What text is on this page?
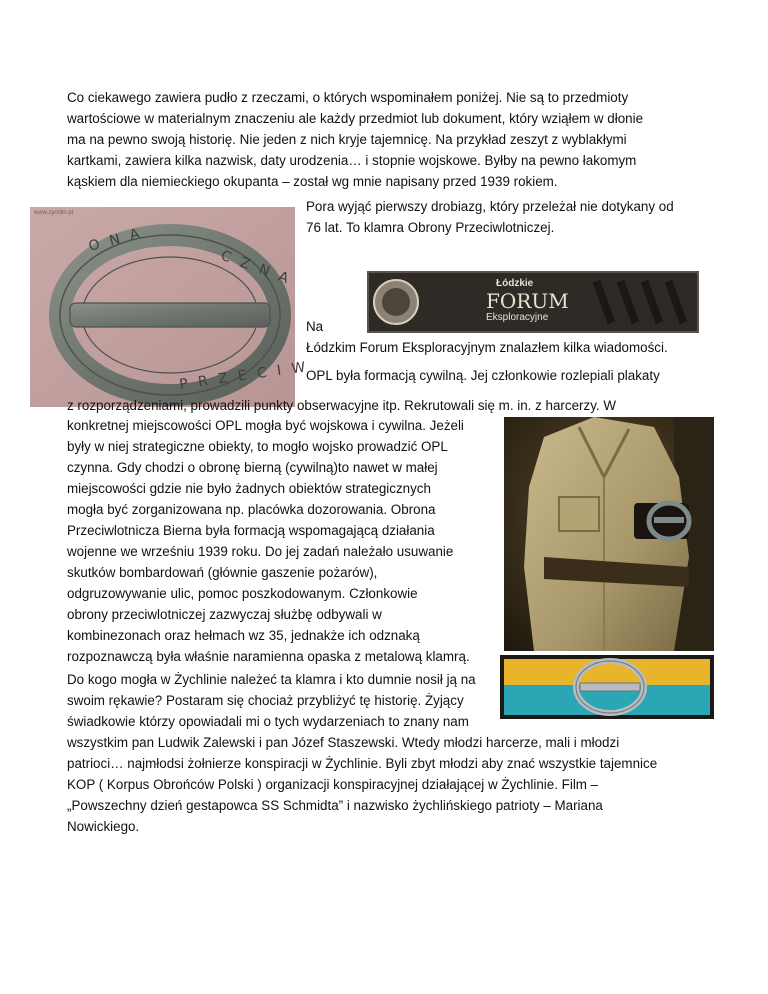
Co ciekawego zawiera pudło z rzeczami, o których wspominałem poniżej. Nie są to przedmioty
wartościowe w materialnym znaczeniu ale każdy przedmiot lub dokument, który wziąłem w dłonie
ma na pewno swoją historię. Nie jeden z nich kryje tajemnicę. Na przykład zeszyt z wyblakłymi
kartkami, zawiera kilka nazwisk, daty urodzenia… i stopnie wojskowe. Byłby na pewno łakomym
kąskiem dla niemieckiego okupanta – został wg mnie napisany przed 1939 rokiem.
O N A
C Z N A
P R Z E C I W
www.zychlin.pl	Pora wyjąć pierwszy drobiazg, który przeleżał nie dotykany od
76 lat. To klamra Obrony Przeciwlotniczej.
Łódzkie
FORUM
Eksploracyjne
Na
Łódzkim Forum Eksploracyjnym znalazłem kilka wiadomości.
OPL była formacją cywilną. Jej członkowie rozlepiali plakaty
z rozporządzeniami, prowadzili punkty obserwacyjne itp. Rekrutowali się m. in. z harcerzy. W
konkretnej miejscowości OPL mogła być wojskowa i cywilna. Jeżeli
były w niej strategiczne obiekty, to mogło wojsko prowadzić OPL
czynna. Gdy chodzi o obronę bierną (cywilną)to nawet w małej
miejscowości gdzie nie było żadnych obiektów strategicznych
mogła być zorganizowana np. placówka dozorowania. Obrona
Przeciwlotnicza Bierna była formacją wspomagającą działania
wojenne we wrześniu 1939 roku. Do jej zadań należało usuwanie
skutków bombardowań (głównie gaszenie pożarów),
odgruzowywanie ulic, pomoc poszkodowanym. Członkowie
obrony przeciwlotniczej zazwyczaj służbę odbywali w
kombinezonach oraz hełmach wz 35, jednakże ich odznaką
rozpoznawczą była właśnie naramienna opaska z metalową klamrą.
Do kogo mogła w Żychlinie należeć ta klamra i kto dumnie nosił ją na
swoim rękawie? Postaram się chociaż przybliżyć tę historię. Żyjący
świadkowie którzy opowiadali mi o tych wydarzeniach to znany nam
wszystkim pan Ludwik Zalewski i pan Józef Staszewski. Wtedy młodzi harcerze, mali i młodzi
patrioci… najmłodsi żołnierze konspiracji w Żychlinie. Byli zbyt młodzi aby znać wszystkie tajemnice
KOP ( Korpus Obrońców Polski ) organizacji konspiracyjnej działającej w Żychlinie. Film –
„Powszechny dzień gestapowca SS Schmidta” i nazwisko żychlińskiego patrioty – Mariana
Nowickiego.
